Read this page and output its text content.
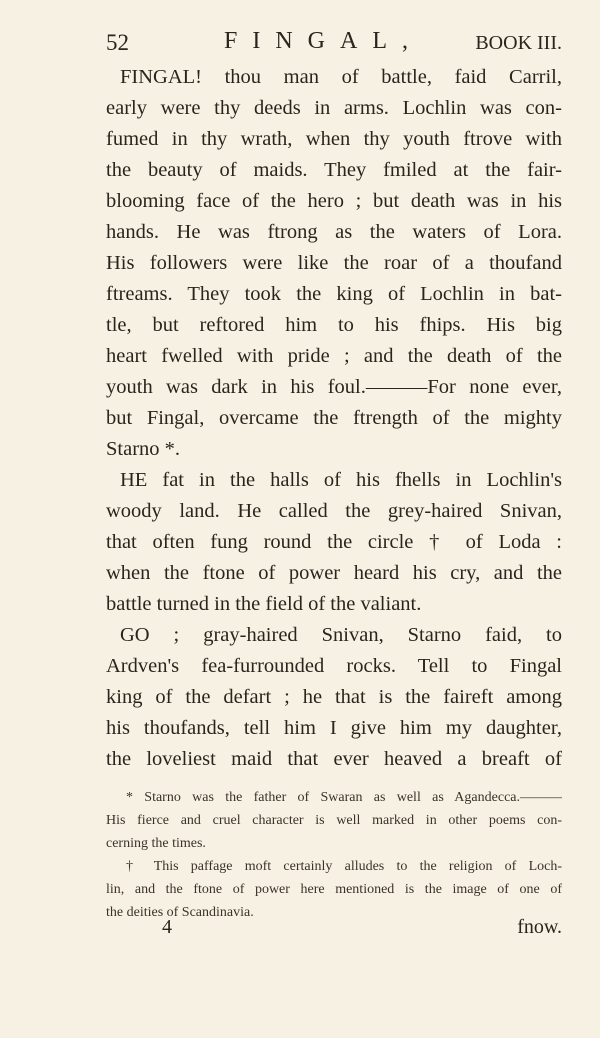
52	FINGAL,	BOOK III.
FINGAL! thou man of battle, faid Carril,
early were thy deeds in arms. Lochlin was con-
fumed in thy wrath, when thy youth ftrove with
the beauty of maids. They fmiled at the fair-
blooming face of the hero ; but death was in his
hands. He was ftrong as the waters of Lora.
His followers were like the roar of a thoufand
ftreams. They took the king of Lochlin in bat-
tle, but reftored him to his fhips. His big
heart fwelled with pride ; and the death of the
youth was dark in his foul.———For none ever,
but Fingal, overcame the ftrength of the mighty
Starno *.
HE fat in the halls of his fhells in Lochlin's
woody land. He called the grey-haired Snivan,
that often fung round the circle † of Loda :
when the ftone of power heard his cry, and the
battle turned in the field of the valiant.
GO ; gray-haired Snivan, Starno faid, to
Ardven's fea-furrounded rocks. Tell to Fingal
king of the defart ; he that is the faireft among
his thoufands, tell him I give him my daughter,
the loveliest maid that ever heaved a breaft of
* Starno was the father of Swaran as well as Agandecca.———
His fierce and cruel character is well marked in other poems con-
cerning the times.
† This paffage moft certainly alludes to the religion of Loch-
lin, and the ftone of power here mentioned is the image of one of
the deities of Scandinavia.
4	fnow.
